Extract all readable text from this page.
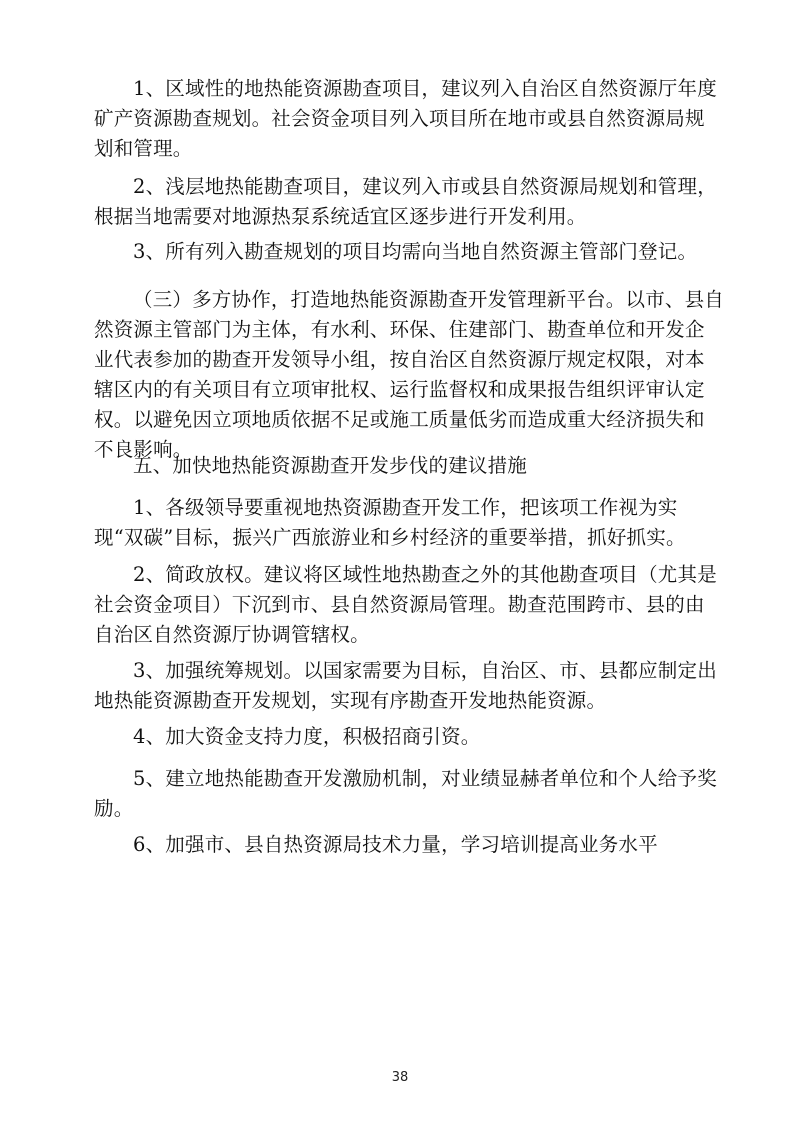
1、区域性的地热能资源勘查项目，建议列入自治区自然资源厅年度矿产资源勘查规划。社会资金项目列入项目所在地市或县自然资源局规划和管理。

2、浅层地热能勘查项目，建议列入市或县自然资源局规划和管理，根据当地需要对地源热泵系统适宜区逐步进行开发利用。

3、所有列入勘查规划的项目均需向当地自然资源主管部门登记。

（三）多方协作，打造地热能资源勘查开发管理新平台。以市、县自然资源主管部门为主体，有水利、环保、住建部门、勘查单位和开发企业代表参加的勘查开发领导小组，按自治区自然资源厅规定权限，对本辖区内的有关项目有立项审批权、运行监督权和成果报告组织评审认定权。以避免因立项地质依据不足或施工质量低劣而造成重大经济损失和不良影响。

五、加快地热能资源勘查开发步伐的建议措施

1、各级领导要重视地热资源勘查开发工作，把该项工作视为实现“双碳”目标，振兴广西旅游业和乡村经济的重要举措，抓好抓实。

2、简政放权。建议将区域性地热勘查之外的其他勘查项目（尤其是社会资金项目）下沉到市、县自然资源局管理。勘查范围跨市、县的由自治区自然资源厅协调管辖权。

3、加强统筹规划。以国家需要为目标，自治区、市、县都应制定出地热能资源勘查开发规划，实现有序勘查开发地热能资源。

4、加大资金支持力度，积极招商引资。

5、建立地热能勘查开发激励机制，对业绩显赫者单位和个人给予奖励。

6、加强市、县自热资源局技术力量，学习培训提高业务水平

38
